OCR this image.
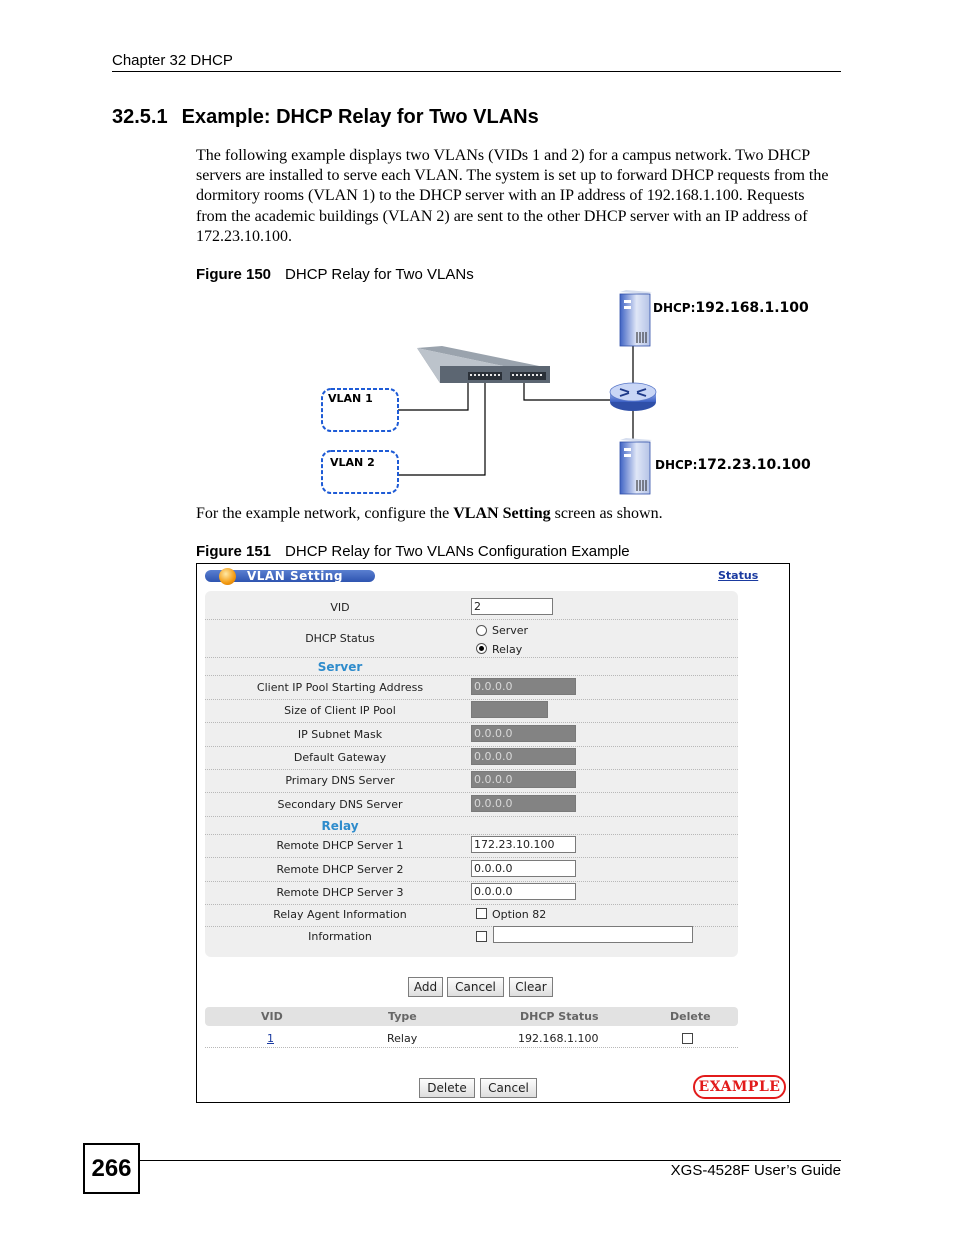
Chapter 32 DHCP
32.5.1 Example: DHCP Relay for Two VLANs

The following example displays two VLANs (VIDs 1 and 2) for a campus network. Two DHCP servers are installed to serve each VLAN. The system is set up to forward DHCP requests from the dormitory rooms (VLAN 1) to the DHCP server with an IP address of 192.168.1.100. Requests from the academic buildings (VLAN 2) are sent to the other DHCP server with an IP address of 172.23.10.100.

Figure 150 DHCP Relay for Two VLANs
VLAN 1
VLAN 2
DHCP:192.168.1.100
DHCP:172.23.10.100
For the example network, configure the VLAN Setting screen as shown.
Figure 151 DHCP Relay for Two VLANs Configuration Example
VLAN Setting	Status
VID	2
DHCP Status
Server
Relay
Server
Client IP Pool Starting Address	0.0.0.0
Size of Client IP Pool
IP Subnet Mask	0.0.0.0
Default Gateway	0.0.0.0
Primary DNS Server	0.0.0.0
Secondary DNS Server	0.0.0.0
Relay
Remote DHCP Server 1	172.23.10.100
Remote DHCP Server 2	0.0.0.0
Remote DHCP Server 3	0.0.0.0
Relay Agent Information	Option 82
Information
Add	Cancel	Clear
VID	Type	DHCP Status	Delete
1	Relay	192.168.1.100
Delete	Cancel	EXAMPLE
266	XGS-4528F User’s Guide
